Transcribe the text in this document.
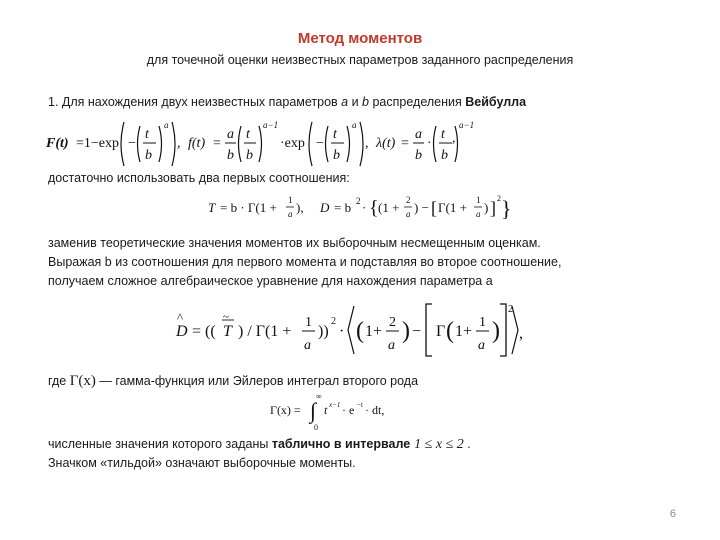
Метод моментов
для точечной оценки неизвестных параметров заданного распределения
1. Для нахождения двух неизвестных параметров a и b распределения Вейбулла
F(t) =1−exp −
t
b
a
, f(t) =
a
b
t
b
a−1
·exp −
t
b
a
, λ(t) =
a
b
·
t
b
a−1
,
достаточно использовать два первых соотношения:
T = b · Γ(1 + 1
a ), D = b 2 · { (1 + 2
a ) − [ Γ(1 + 1
a ) ] 2 }
заменив теоретические значения моментов их выборочным несмещенным оценкам.
Выражая b из соотношения для первого момента и подставляя во второе соотношение,
получаем сложное алгебраическое уравнение для нахождения параметра a
D
^
= (( T
~
) / Γ(1 +
1
a
))
2
· ( 1+
2
a
) − Γ ( 1+
1
a
)
2
,
где Γ(x) — гамма-функция или Эйлеров интеграл второго рода
Γ(x) = ∫
∞
0
t x−1 · e −t · dt,
численные значения которого заданы таблично в интервале 1 ≤ x ≤ 2 .
Значком «тильдой» означают выборочные моменты.
6
